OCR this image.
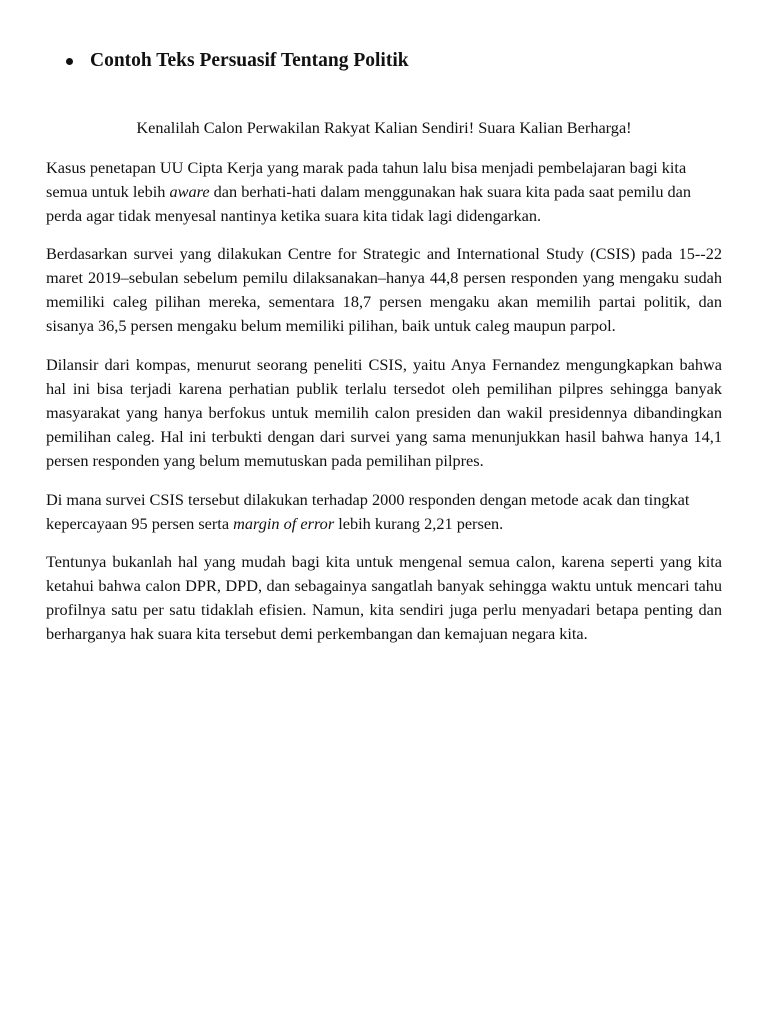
Contoh Teks Persuasif Tentang Politik
Kenalilah Calon Perwakilan Rakyat Kalian Sendiri! Suara Kalian Berharga!

Kasus penetapan UU Cipta Kerja yang marak pada tahun lalu bisa menjadi pembelajaran bagi kita semua untuk lebih aware dan berhati-hati dalam menggunakan hak suara kita pada saat pemilu dan perda agar tidak menyesal nantinya ketika suara kita tidak lagi didengarkan.

Berdasarkan survei yang dilakukan Centre for Strategic and International Study (CSIS) pada 15--22 maret 2019–sebulan sebelum pemilu dilaksanakan–hanya 44,8 persen responden yang mengaku sudah memiliki caleg pilihan mereka, sementara 18,7 persen mengaku akan memilih partai politik, dan sisanya 36,5 persen mengaku belum memiliki pilihan, baik untuk caleg maupun parpol.

Dilansir dari kompas, menurut seorang peneliti CSIS, yaitu Anya Fernandez mengungkapkan bahwa hal ini bisa terjadi karena perhatian publik terlalu tersedot oleh pemilihan pilpres sehingga banyak masyarakat yang hanya berfokus untuk memilih calon presiden dan wakil presidennya dibandingkan pemilihan caleg. Hal ini terbukti dengan dari survei yang sama menunjukkan hasil bahwa hanya 14,1 persen responden yang belum memutuskan pada pemilihan pilpres.

Di mana survei CSIS tersebut dilakukan terhadap 2000 responden dengan metode acak dan tingkat kepercayaan 95 persen serta margin of error lebih kurang 2,21 persen.

Tentunya bukanlah hal yang mudah bagi kita untuk mengenal semua calon, karena seperti yang kita ketahui bahwa calon DPR, DPD, dan sebagainya sangatlah banyak sehingga waktu untuk mencari tahu profilnya satu per satu tidaklah efisien. Namun, kita sendiri juga perlu menyadari betapa penting dan berharganya hak suara kita tersebut demi perkembangan dan kemajuan negara kita.
